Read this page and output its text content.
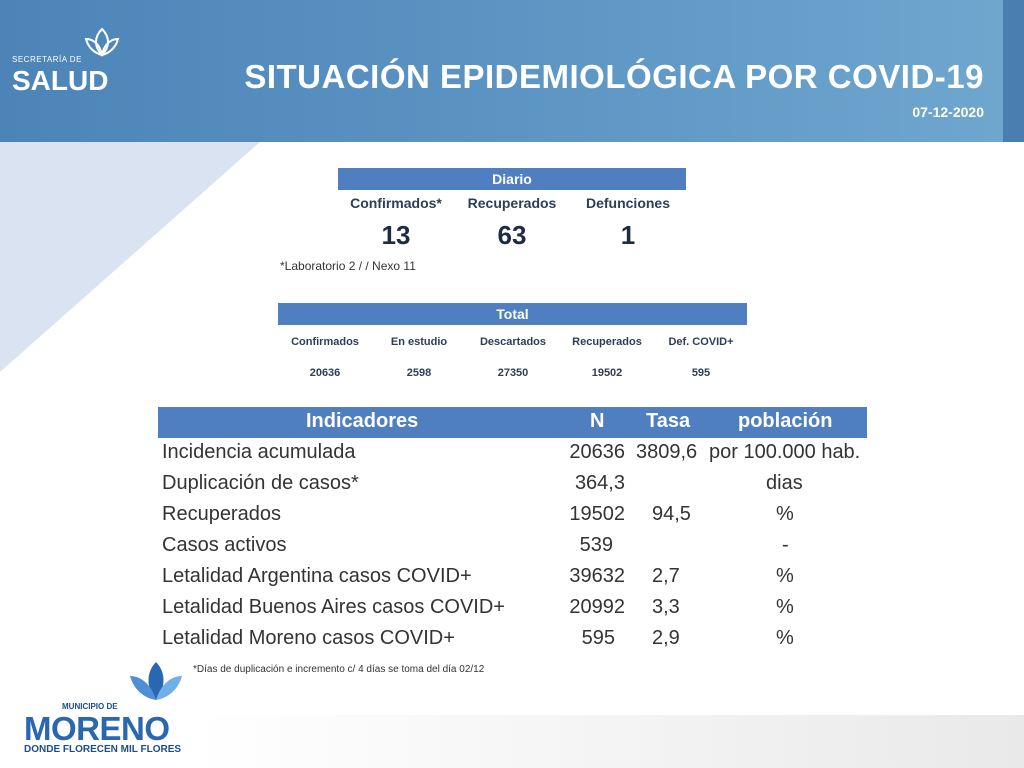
SECRETARÍA DE
SALUD	SITUACIÓN EPIDEMIOLÓGICA POR COVID-19
07-12-2020
Diario
Confirmados*	Recuperados	Defunciones
13	63	1
*Laboratorio 2 / / Nexo 11
Total
Confirmados	En estudio	Descartados	Recuperados	Def. COVID+
20636	2598	27350	19502	595
Indicadores	N Tasa población
Incidencia acumulada	20636 3809,6 por 100.000 hab.
Duplicación de casos*	364,3	dias
Recuperados	19502 94,5	%
Casos activos	539	-
Letalidad Argentina casos COVID+	39632 2,7	%
Letalidad Buenos Aires casos COVID+	20992 3,3	%
Letalidad Moreno casos COVID+	595 2,9	%
*Días de duplicación e incremento c/ 4 días se toma del día 02/12
MUNICIPIO DE
MORENO
DONDE FLORECEN MIL FLORES
